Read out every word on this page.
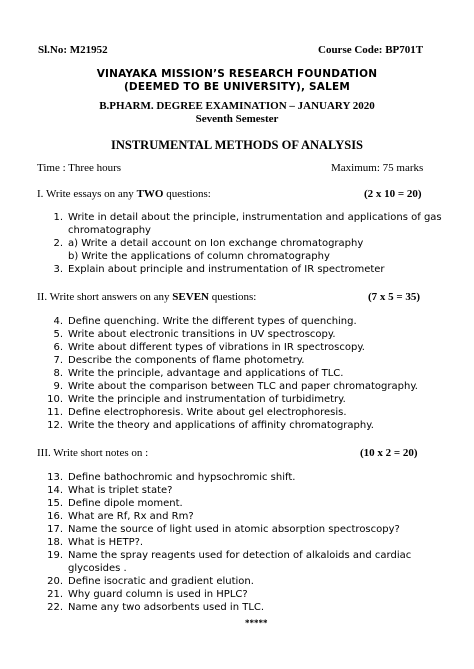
Sl.No: M21952	Course Code: BP701T
VINAYAKA MISSION’S RESEARCH FOUNDATION
(DEEMED TO BE UNIVERSITY), SALEM
B.PHARM. DEGREE EXAMINATION – JANUARY 2020
Seventh Semester
INSTRUMENTAL METHODS OF ANALYSIS
Time : Three hours	Maximum: 75 marks
I. Write essays on any TWO questions:	(2 x 10 = 20)
1. Write in detail about the principle, instrumentation and applications of gas
chromatography
2. a) Write a detail account on Ion exchange chromatography
b) Write the applications of column chromatography
3. Explain about principle and instrumentation of IR spectrometer
II. Write short answers on any SEVEN questions:	(7 x 5 = 35)
4. Define quenching. Write the different types of quenching.
5. Write about electronic transitions in UV spectroscopy.
6. Write about different types of vibrations in IR spectroscopy.
7. Describe the components of flame photometry.
8. Write the principle, advantage and applications of TLC.
9. Write about the comparison between TLC and paper chromatography.
10. Write the principle and instrumentation of turbidimetry.
11. Define electrophoresis. Write about gel electrophoresis.
12. Write the theory and applications of affinity chromatography.
III. Write short notes on :	(10 x 2 = 20)
13. Define bathochromic and hypsochromic shift.
14. What is triplet state?
15. Define dipole moment.
16. What are Rf, Rx and Rm?
17. Name the source of light used in atomic absorption spectroscopy?
18. What is HETP?.
19. Name the spray reagents used for detection of alkaloids and cardiac
glycosides .
20. Define isocratic and gradient elution.
21. Why guard column is used in HPLC?
22. Name any two adsorbents used in TLC.
*****
